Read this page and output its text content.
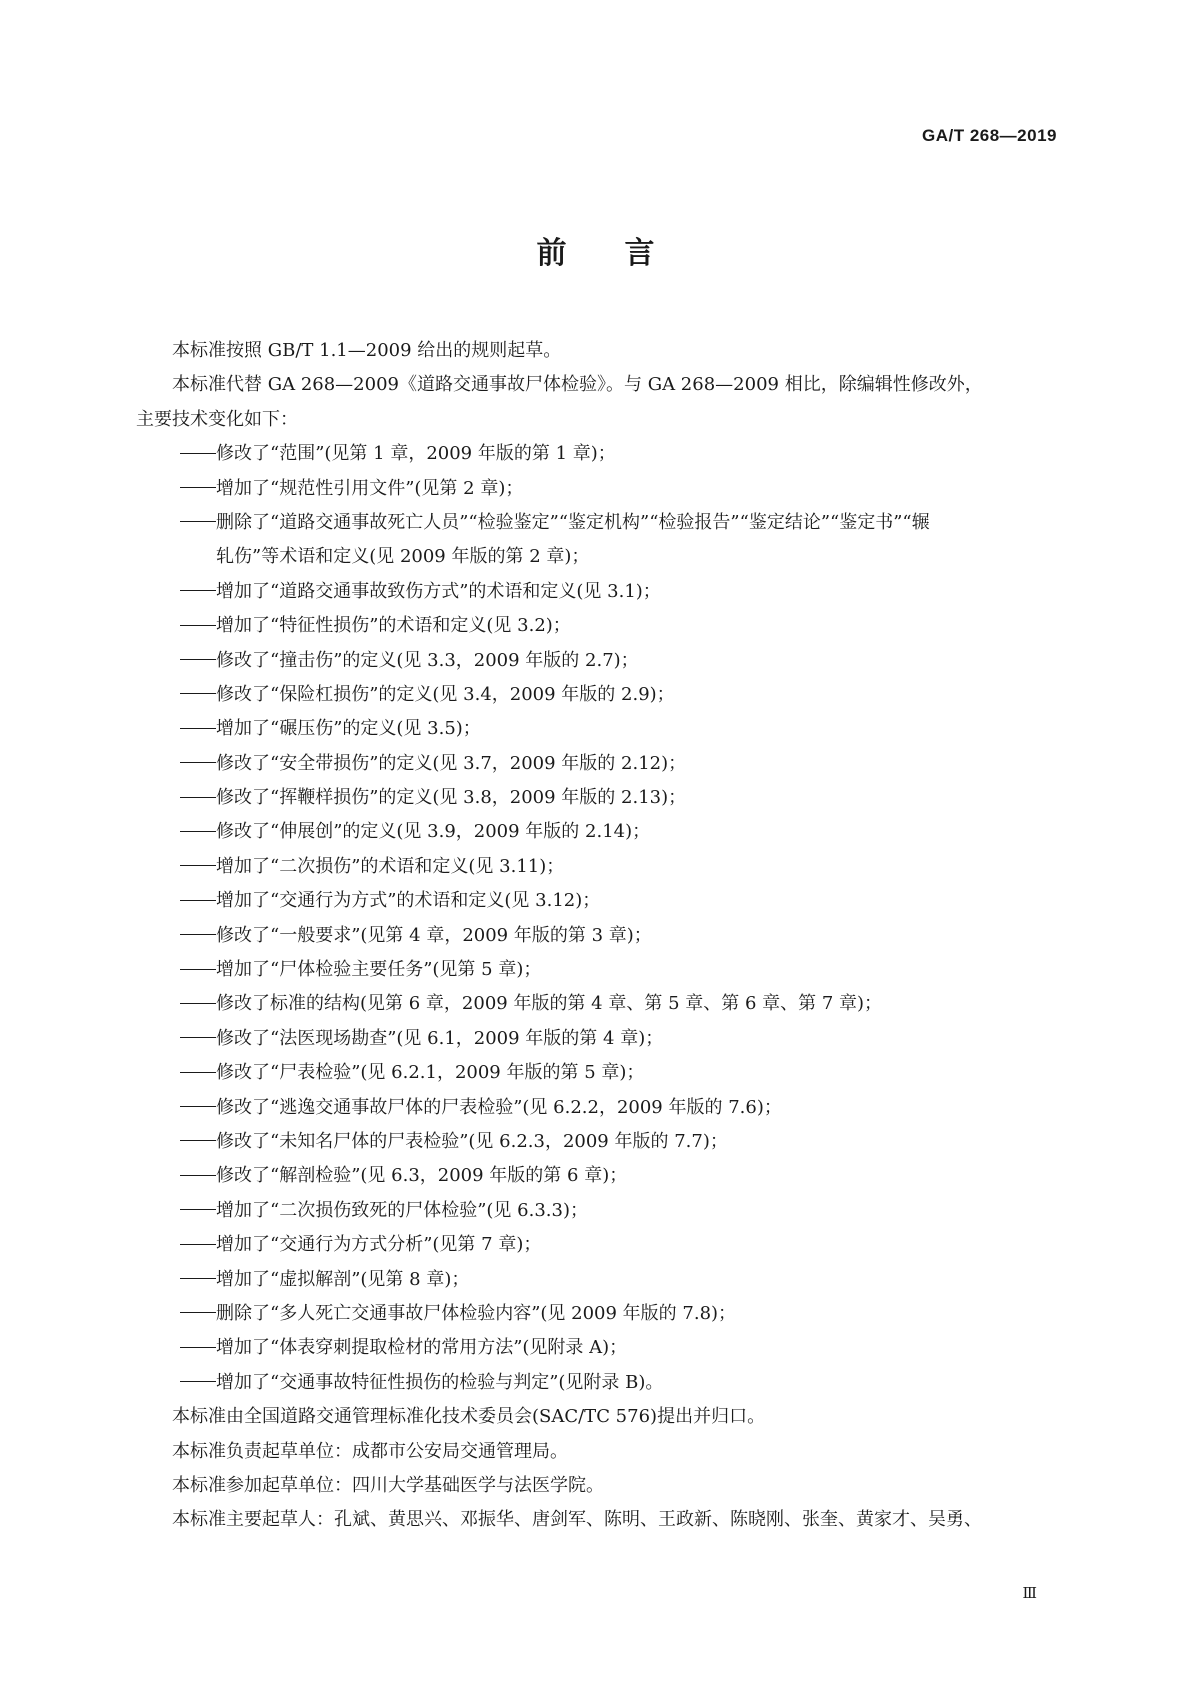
GA/T 268—2019
前 言
本标准按照 GB/T 1.1—2009 给出的规则起草。
本标准代替 GA 268—2009《道路交通事故尸体检验》。与 GA 268—2009 相比，除编辑性修改外，
主要技术变化如下：
修改了“范围”(见第 1 章，2009 年版的第 1 章)；
增加了“规范性引用文件”(见第 2 章)；
删除了“道路交通事故死亡人员”“检验鉴定”“鉴定机构”“检验报告”“鉴定结论”“鉴定书”“辗
轧伤”等术语和定义(见 2009 年版的第 2 章)；
增加了“道路交通事故致伤方式”的术语和定义(见 3.1)；
增加了“特征性损伤”的术语和定义(见 3.2)；
修改了“撞击伤”的定义(见 3.3，2009 年版的 2.7)；
修改了“保险杠损伤”的定义(见 3.4，2009 年版的 2.9)；
增加了“碾压伤”的定义(见 3.5)；
修改了“安全带损伤”的定义(见 3.7，2009 年版的 2.12)；
修改了“挥鞭样损伤”的定义(见 3.8，2009 年版的 2.13)；
修改了“伸展创”的定义(见 3.9，2009 年版的 2.14)；
增加了“二次损伤”的术语和定义(见 3.11)；
增加了“交通行为方式”的术语和定义(见 3.12)；
修改了“一般要求”(见第 4 章，2009 年版的第 3 章)；
增加了“尸体检验主要任务”(见第 5 章)；
修改了标准的结构(见第 6 章，2009 年版的第 4 章、第 5 章、第 6 章、第 7 章)；
修改了“法医现场勘查”(见 6.1，2009 年版的第 4 章)；
修改了“尸表检验”(见 6.2.1，2009 年版的第 5 章)；
修改了“逃逸交通事故尸体的尸表检验”(见 6.2.2，2009 年版的 7.6)；
修改了“未知名尸体的尸表检验”(见 6.2.3，2009 年版的 7.7)；
修改了“解剖检验”(见 6.3，2009 年版的第 6 章)；
增加了“二次损伤致死的尸体检验”(见 6.3.3)；
增加了“交通行为方式分析”(见第 7 章)；
增加了“虚拟解剖”(见第 8 章)；
删除了“多人死亡交通事故尸体检验内容”(见 2009 年版的 7.8)；
增加了“体表穿刺提取检材的常用方法”(见附录 A)；
增加了“交通事故特征性损伤的检验与判定”(见附录 B)。
本标准由全国道路交通管理标准化技术委员会(SAC/TC 576)提出并归口。
本标准负责起草单位：成都市公安局交通管理局。
本标准参加起草单位：四川大学基础医学与法医学院。
本标准主要起草人：孔斌、黄思兴、邓振华、唐剑军、陈明、王政新、陈晓刚、张奎、黄家才、吴勇、
Ⅲ
